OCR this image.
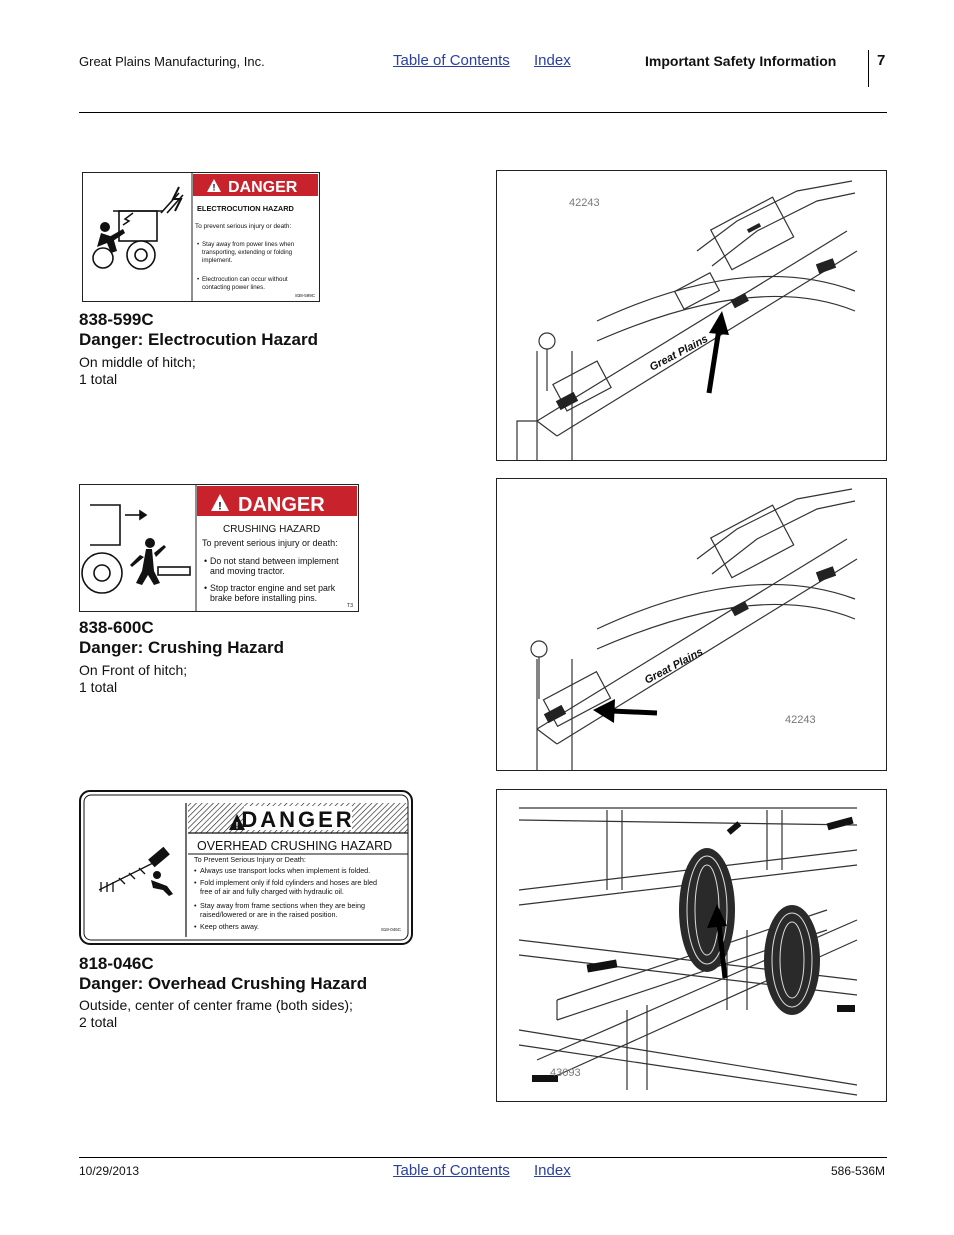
Great Plains Manufacturing, Inc.	Table of Contents Index	Important Safety Information	7
! DANGER
ELECTROCUTION HAZARD
To prevent serious injury or death:
• Stay away from power lines when
transporting, extending or folding
implement.
• Electrocution can occur without
contacting power lines.
838-599C
838-599C
Danger: Electrocution Hazard
On middle of hitch;
1 total
Great Plains
42243
! DANGER
CRUSHING HAZARD
To prevent serious injury or death:
• Do not stand between implement
and moving tractor.
• Stop tractor engine and set park
brake before installing pins.
T3
838-600C
Danger: Crushing Hazard
On Front of hitch;
1 total
Great Plains
42243
! DANGER
OVERHEAD CRUSHING HAZARD
To Prevent Serious Injury or Death:
• Always use transport locks when implement is folded.
• Fold implement only if fold cylinders and hoses are bled
free of air and fully charged with hydraulic oil.
• Stay away from frame sections when they are being
raised/lowered or are in the raised position.
• Keep others away.	818-046C
818-046C
Danger: Overhead Crushing Hazard
Outside, center of center frame (both sides);
2 total
43093
10/29/2013	Table of Contents Index	586-536M
